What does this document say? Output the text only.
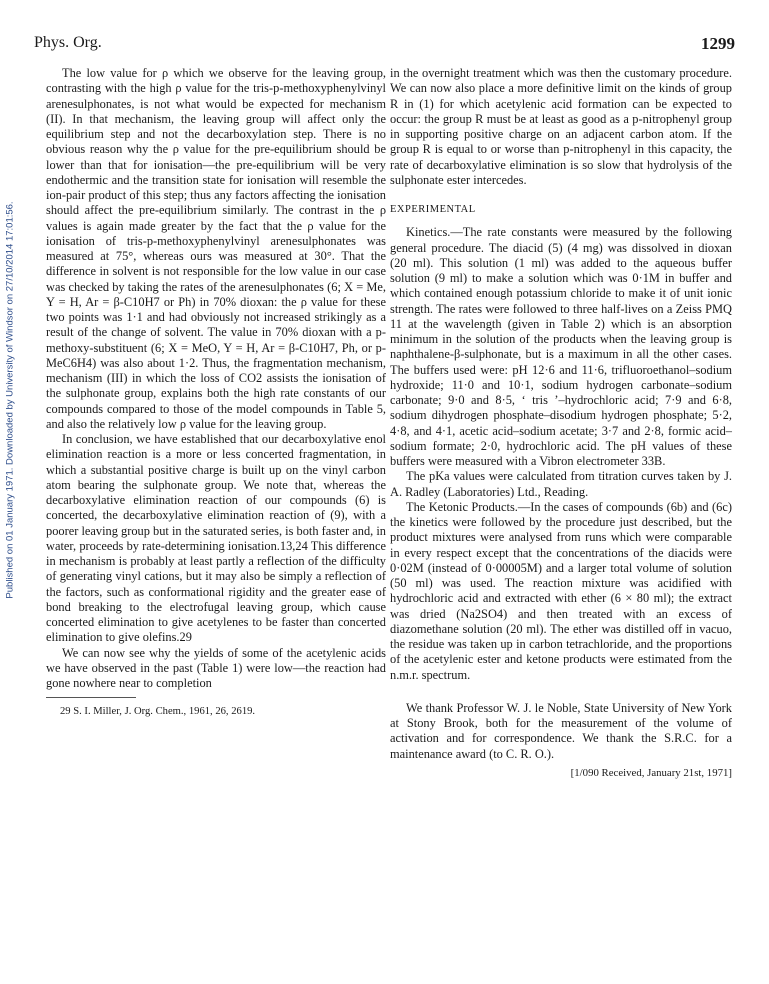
Phys. Org.	1299
Published on 01 January 1971. Downloaded by University of Windsor on 27/10/2014 17:01:56.

The low value for ρ which we observe for the leaving group, contrasting with the high ρ value for the tris-p-methoxyphenylvinyl arenesulphonates, is not what would be expected for mechanism (II). In that mechanism, the leaving group will affect only the equilibrium step and not the decarboxylation step. There is no obvious reason why the ρ value for the pre-equilibrium should be lower than that for ionisation—the pre-equilibrium will be very endothermic and the transition state for ionisation will resemble the ion-pair product of this step; thus any factors affecting the ionisation should affect the pre-equilibrium similarly. The contrast in the ρ values is again made greater by the fact that the ρ value for the ionisation of tris-p-methoxyphenylvinyl arenesulphonates was measured at 75°, whereas ours was measured at 30°. That the difference in solvent is not responsible for the low value in our case was checked by taking the rates of the arenesulphonates (6; X = Me, Y = H, Ar = β-C10H7 or Ph) in 70% dioxan: the ρ value for these two points was 1·1 and had obviously not increased strikingly as a result of the change of solvent. The value in 70% dioxan with a p-methoxy-substituent (6; X = MeO, Y = H, Ar = β-C10H7, Ph, or p-MeC6H4) was also about 1·2. Thus, the fragmentation mechanism, mechanism (III) in which the loss of CO2 assists the ionisation of the sulphonate group, explains both the high rate constants of our compounds compared to those of the model compounds in Table 5, and also the relatively low ρ value for the leaving group.

In conclusion, we have established that our decarboxylative enol elimination reaction is a more or less concerted fragmentation, in which a substantial positive charge is built up on the vinyl carbon atom bearing the sulphonate group. We note that, whereas the decarboxylative elimination reaction of our compounds (6) is concerted, the decarboxylative elimination reaction of (9), with a poorer leaving group but in the saturated series, is both faster and, in water, proceeds by rate-determining ionisation.13,24 This difference in mechanism is probably at least partly a reflection of the difficulty of generating vinyl cations, but it may also be simply a reflection of the factors, such as conformational rigidity and the greater ease of bond breaking to the electrofugal leaving group, which cause concerted elimination to give acetylenes to be faster than concerted elimination to give olefins.29

We can now see why the yields of some of the acetylenic acids we have observed in the past (Table 1) were low—the reaction had gone nowhere near to completion

29 S. I. Miller, J. Org. Chem., 1961, 26, 2619.

in the overnight treatment which was then the customary procedure. We can now also place a more definitive limit on the kinds of group R in (1) for which acetylenic acid formation can be expected to occur: the group R must be at least as good as a p-nitrophenyl group in supporting positive charge on an adjacent carbon atom. If the group R is equal to or worse than p-nitrophenyl in this capacity, the rate of decarboxylative elimination is so slow that hydrolysis of the sulphonate ester intercedes.

EXPERIMENTAL

Kinetics.—The rate constants were measured by the following general procedure. The diacid (5) (4 mg) was dissolved in dioxan (20 ml). This solution (1 ml) was added to the aqueous buffer solution (9 ml) to make a solution which was 0·1M in buffer and which contained enough potassium chloride to make it of unit ionic strength. The rates were followed to three half-lives on a Zeiss PMQ 11 at the wavelength (given in Table 2) which is an absorption minimum in the solution of the products when the leaving group is naphthalene-β-sulphonate, but is a maximum in all the other cases. The buffers used were: pH 12·6 and 11·6, trifluoroethanol–sodium hydroxide; 11·0 and 10·1, sodium hydrogen carbonate–sodium carbonate; 9·0 and 8·5, ‘ tris ’–hydrochloric acid; 7·9 and 6·8, sodium dihydrogen phosphate–disodium hydrogen phosphate; 5·2, 4·8, and 4·1, acetic acid–sodium acetate; 3·7 and 2·8, formic acid–sodium formate; 2·0, hydrochloric acid. The pH values of these buffers were measured with a Vibron electrometer 33B.

The pKa values were calculated from titration curves taken by J. A. Radley (Laboratories) Ltd., Reading.

The Ketonic Products.—In the cases of compounds (6b) and (6c) the kinetics were followed by the procedure just described, but the product mixtures were analysed from runs which were comparable in every respect except that the concentrations of the diacids were 0·02M (instead of 0·00005M) and a larger total volume of solution (50 ml) was used. The reaction mixture was acidified with hydrochloric acid and extracted with ether (6 × 80 ml); the extract was dried (Na2SO4) and then treated with an excess of diazomethane solution (20 ml). The ether was distilled off in vacuo, the residue was taken up in carbon tetrachloride, and the proportions of the acetylenic ester and ketone products were estimated from the n.m.r. spectrum.

We thank Professor W. J. le Noble, State University of New York at Stony Brook, both for the measurement of the volume of activation and for correspondence. We thank the S.R.C. for a maintenance award (to C. R. O.).

[1/090 Received, January 21st, 1971]
